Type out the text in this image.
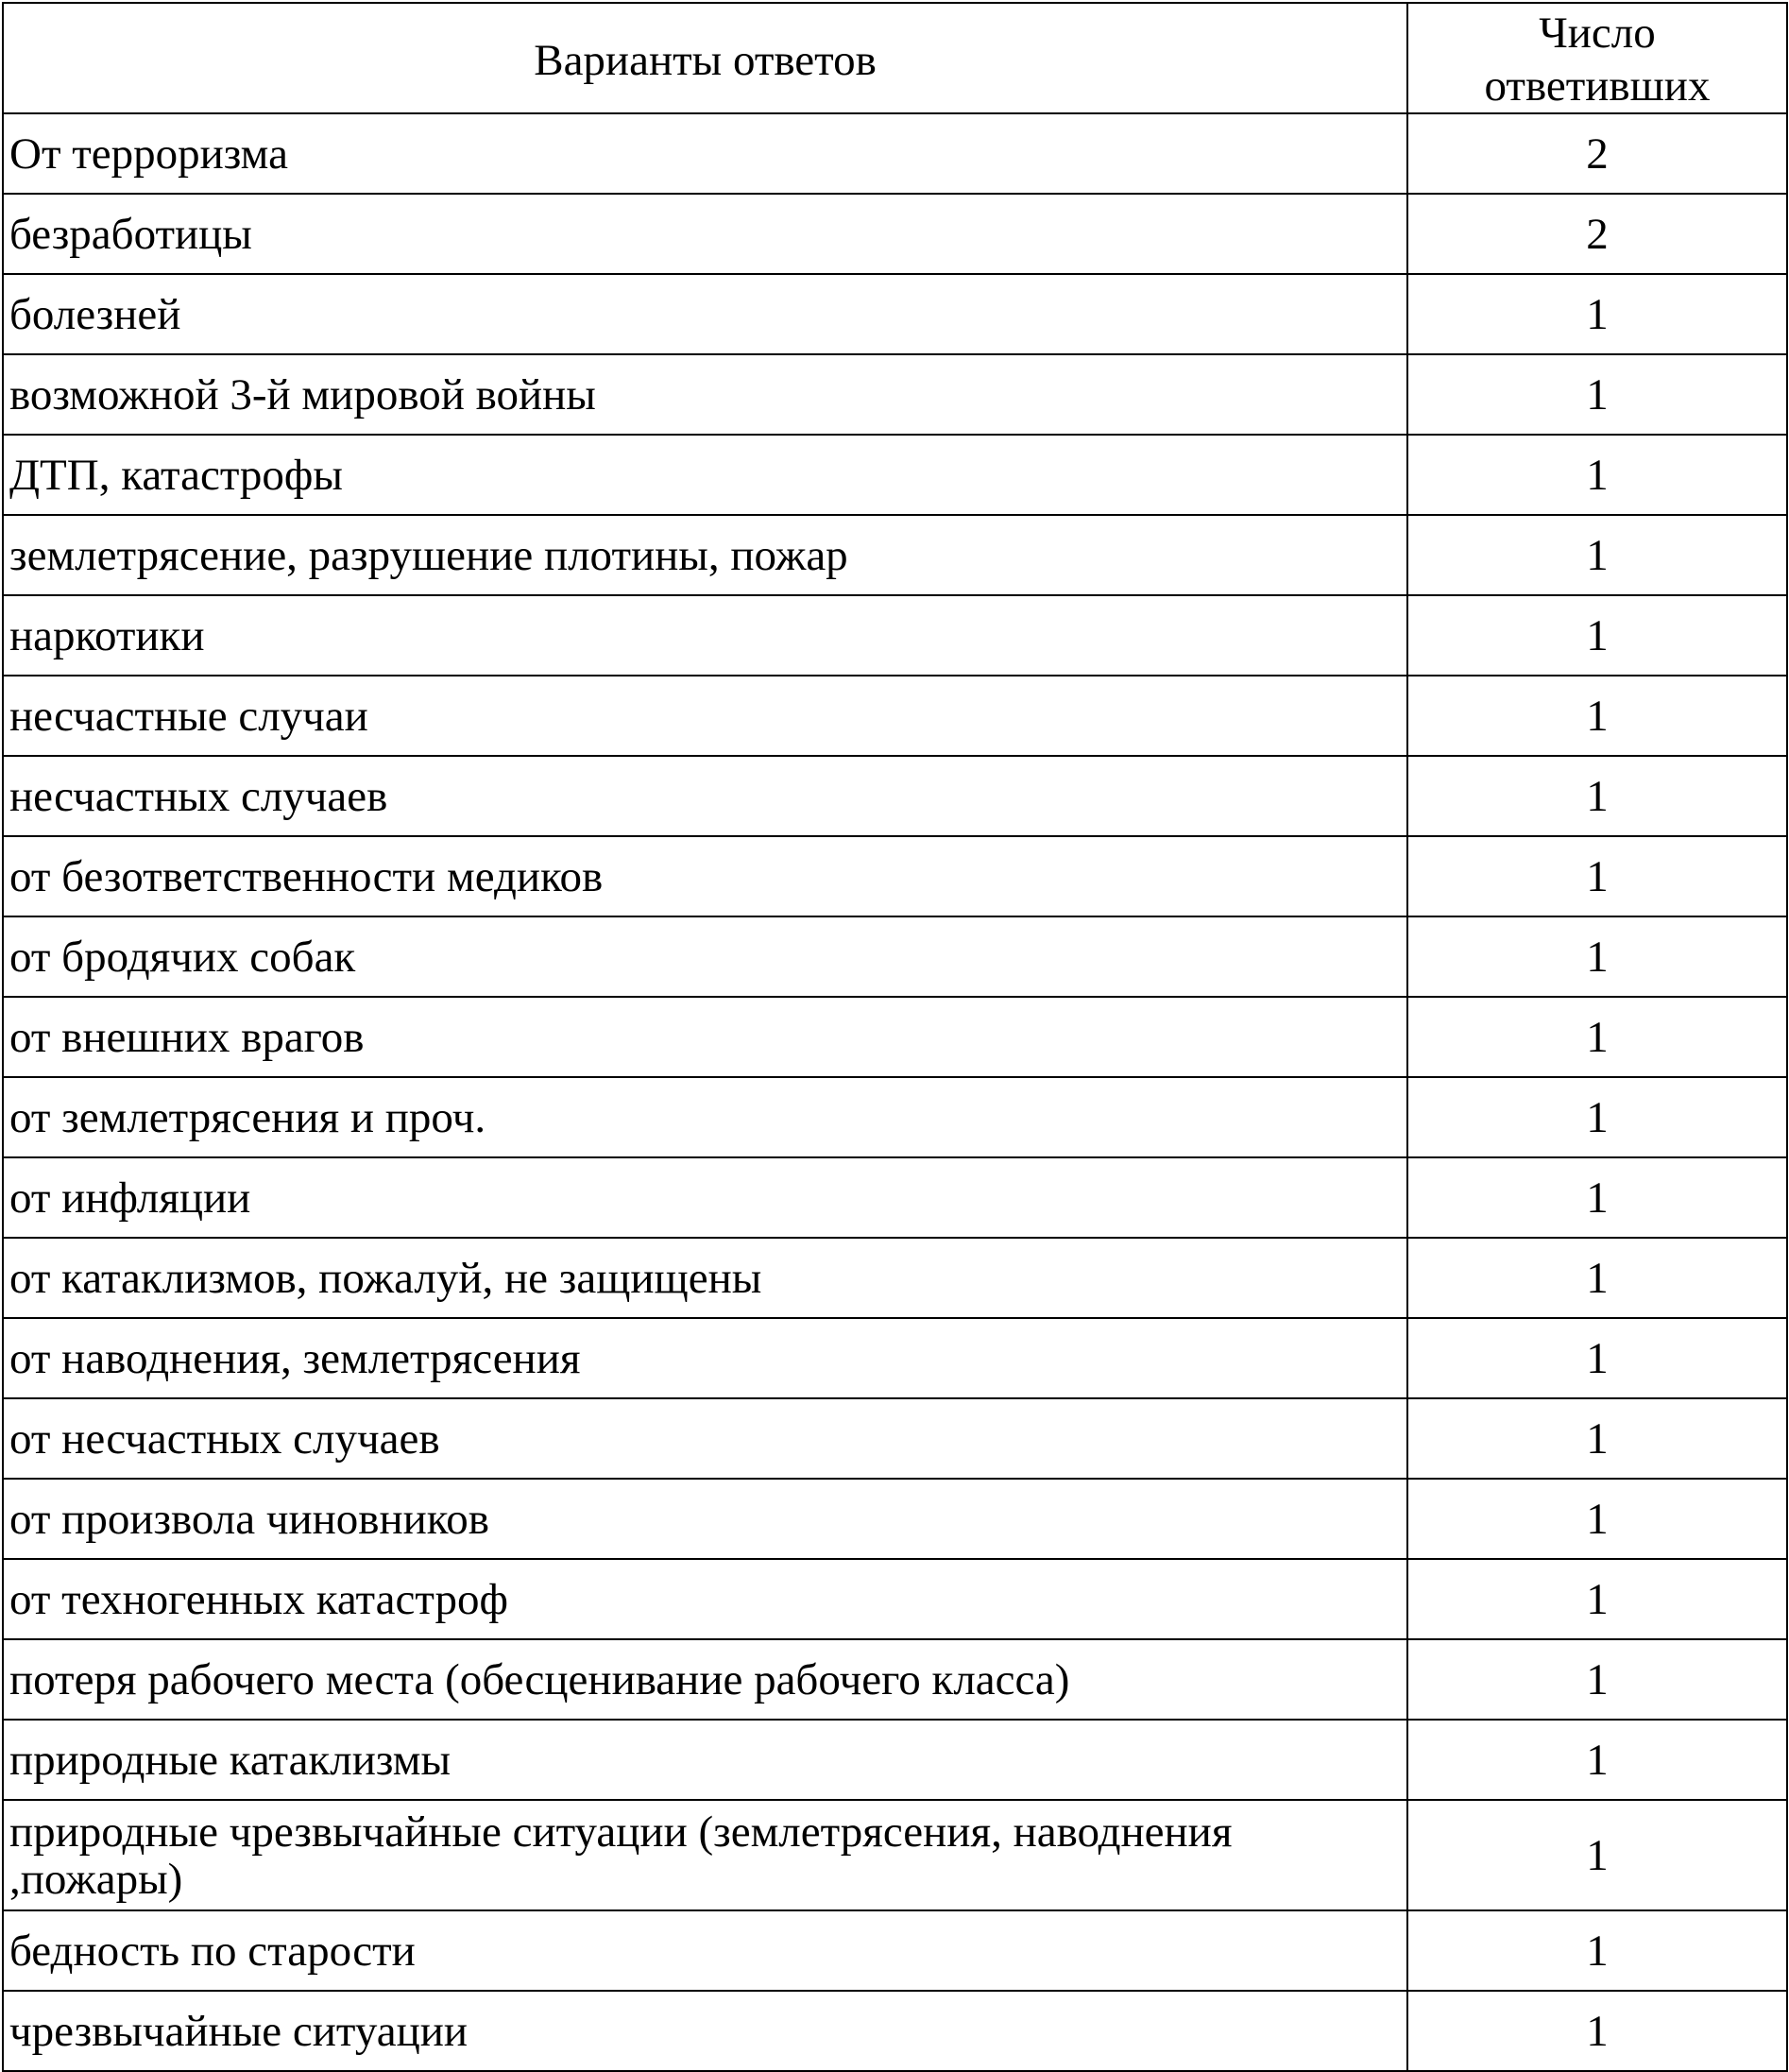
Варианты ответов	Число
ответивших

От терроризма	2
безработицы	2
болезней	1
возможной 3-й мировой войны	1
ДТП, катастрофы	1
землетрясение, разрушение плотины, пожар	1
наркотики	1
несчастные случаи	1
несчастных случаев	1
от безответственности медиков	1
от бродячих собак	1
от внешних врагов	1
от землетрясения и проч.	1
от инфляции	1
от катаклизмов, пожалуй, не защищены	1
от наводнения, землетрясения	1
от несчастных случаев	1
от произвола чиновников	1
от техногенных катастроф	1
потеря рабочего места (обесценивание рабочего класса)	1
природные катаклизмы	1

природные чрезвычайные ситуации (землетрясения, наводнения
,пожары)	1
бедность по старости	1
чрезвычайные ситуации	1
